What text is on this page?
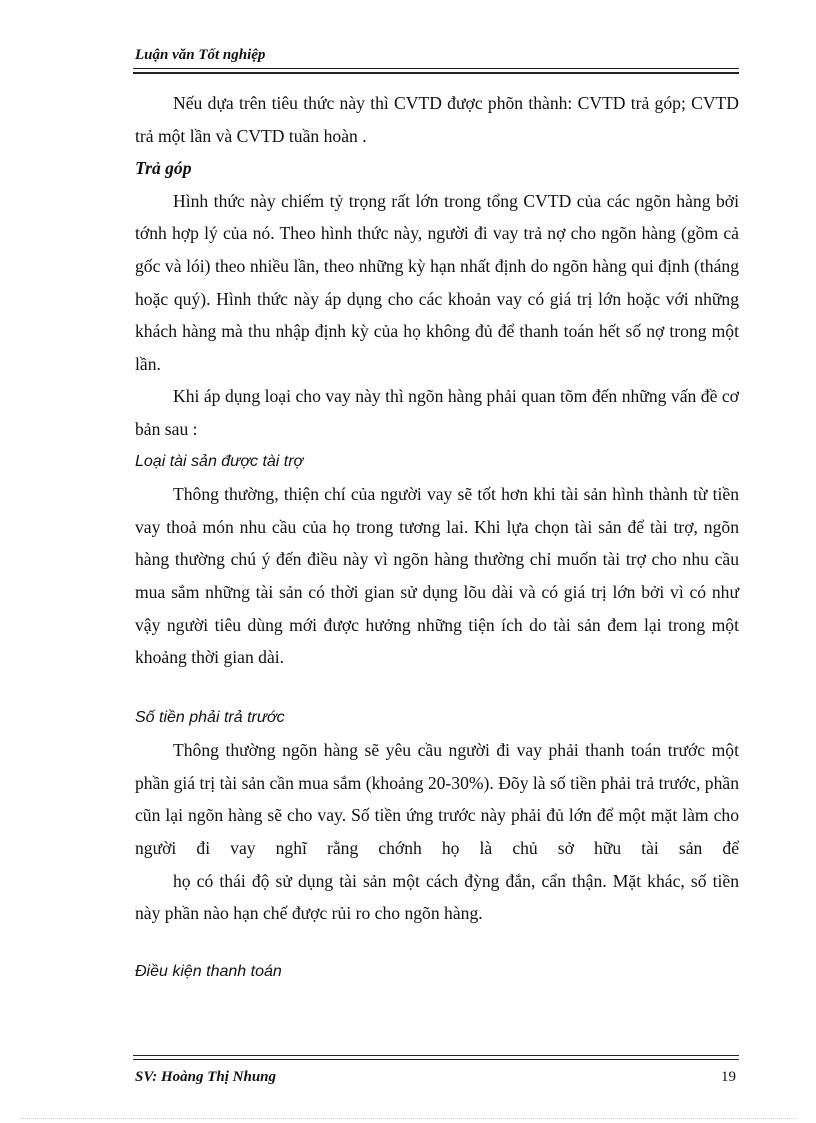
Luận văn Tốt nghiệp

Nếu dựa trên tiêu thức này thì CVTD được phõn thành: CVTD trả góp; CVTD trả một lần và CVTD tuần hoàn .

Trả góp

Hình thức này chiếm tỷ trọng rất lớn trong tổng CVTD của các ngõn hàng bởi tớnh hợp lý của nó. Theo hình thức này, người đi vay trả nợ cho ngõn hàng (gồm cả gốc và lói) theo nhiều lần, theo những kỳ hạn nhất định do ngõn hàng qui định (tháng hoặc quý). Hình thức này áp dụng cho các khoản vay có giá trị lớn hoặc với những khách hàng mà thu nhập định kỳ của họ không đủ để thanh toán hết số nợ trong một lần.

Khi áp dụng loại cho vay này thì ngõn hàng phải quan tõm đến những vấn đề cơ bản sau :

Loại tài sản được tài trợ

Thông thường, thiện chí của người vay sẽ tốt hơn khi tài sản hình thành từ tiền vay thoả món nhu cầu của họ trong tương lai. Khi lựa chọn tài sản để tài trợ, ngõn hàng thường chú ý đến điều này vì ngõn hàng thường chỉ muốn tài trợ cho nhu cầu mua sắm những tài sản có thời gian sử dụng lõu dài và có giá trị lớn bởi vì có như vậy người tiêu dùng mới được hưởng những tiện ích do tài sản đem lại trong một khoảng thời gian dài.

Số tiền phải trả trước

Thông thường ngõn hàng sẽ yêu cầu người đi vay phải thanh toán trước một phần giá trị tài sản cần mua sắm (khoảng 20-30%). Đõy là số tiền phải trả trước, phần cũn lại ngõn hàng sẽ cho vay. Số tiền ứng trước này phải đủ lớn để một mặt làm cho người đi vay nghĩ rằng chớnh họ là chủ sở hữu tài sản để

họ có thái độ sử dụng tài sản một cách đỳng đắn, cẩn thận. Mặt khác, số tiền này phần nào hạn chế được rủi ro cho ngõn hàng.

Điều kiện thanh toán

SV: Hoàng Thị Nhung	19
